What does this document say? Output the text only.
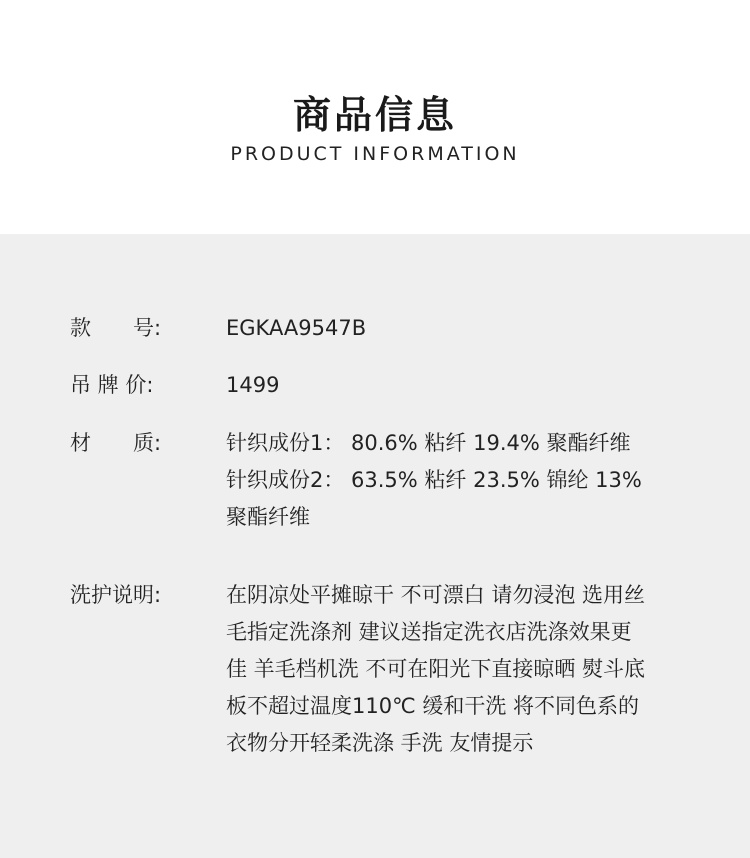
商品信息
PRODUCT INFORMATION
款　　号:	EGKAA9547B
吊 牌 价:	1499
材　　质:	针织成份1： 80.6% 粘纤 19.4% 聚酯纤维
针织成份2： 63.5% 粘纤 23.5% 锦纶 13%
聚酯纤维
洗护说明:	在阴凉处平摊晾干 不可漂白 请勿浸泡 选用丝
毛指定洗涤剂 建议送指定洗衣店洗涤效果更
佳 羊毛档机洗 不可在阳光下直接晾晒 熨斗底
板不超过温度110℃ 缓和干洗 将不同色系的
衣物分开轻柔洗涤 手洗 友情提示
